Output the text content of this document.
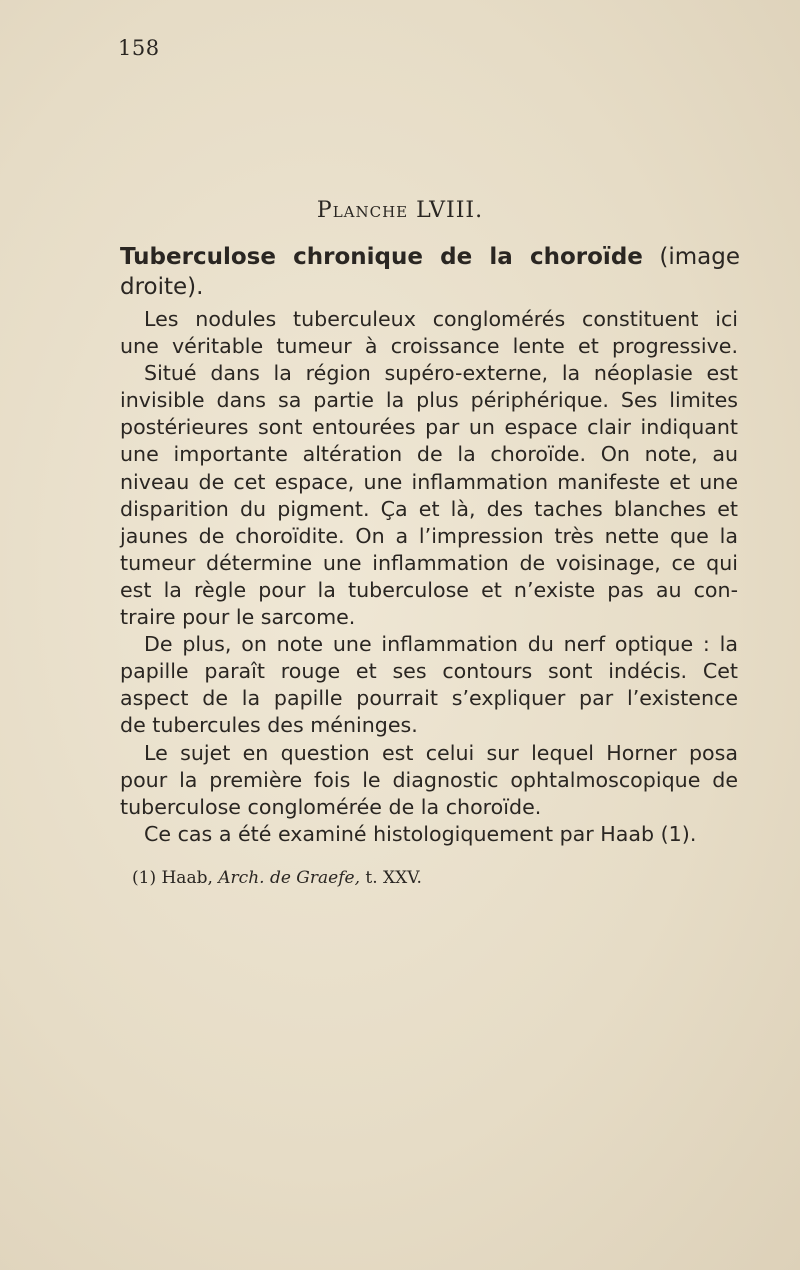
158
Planche LVIII.
Tuberculose chronique de la choroïde (image droite).
Les nodules tuberculeux conglomérés constituent ici
une véritable tumeur à croissance lente et progressive.
Situé dans la région supéro-externe, la néoplasie est
invisible dans sa partie la plus périphérique. Ses limites
postérieures sont entourées par un espace clair indiquant
une importante altération de la choroïde. On note, au
niveau de cet espace, une inflammation manifeste et une
disparition du pigment. Ça et là, des taches blanches et
jaunes de choroïdite. On a l’impression très nette que la
tumeur détermine une inflammation de voisinage, ce qui
est la règle pour la tuberculose et n’existe pas au con-
traire pour le sarcome.
De plus, on note une inflammation du nerf optique : la
papille paraît rouge et ses contours sont indécis. Cet
aspect de la papille pourrait s’expliquer par l’existence
de tubercules des méninges.
Le sujet en question est celui sur lequel Horner posa
pour la première fois le diagnostic ophtalmoscopique de
tuberculose conglomérée de la choroïde.
Ce cas a été examiné histologiquement par Haab (1).
(1) Haab, Arch. de Graefe, t. XXV.
